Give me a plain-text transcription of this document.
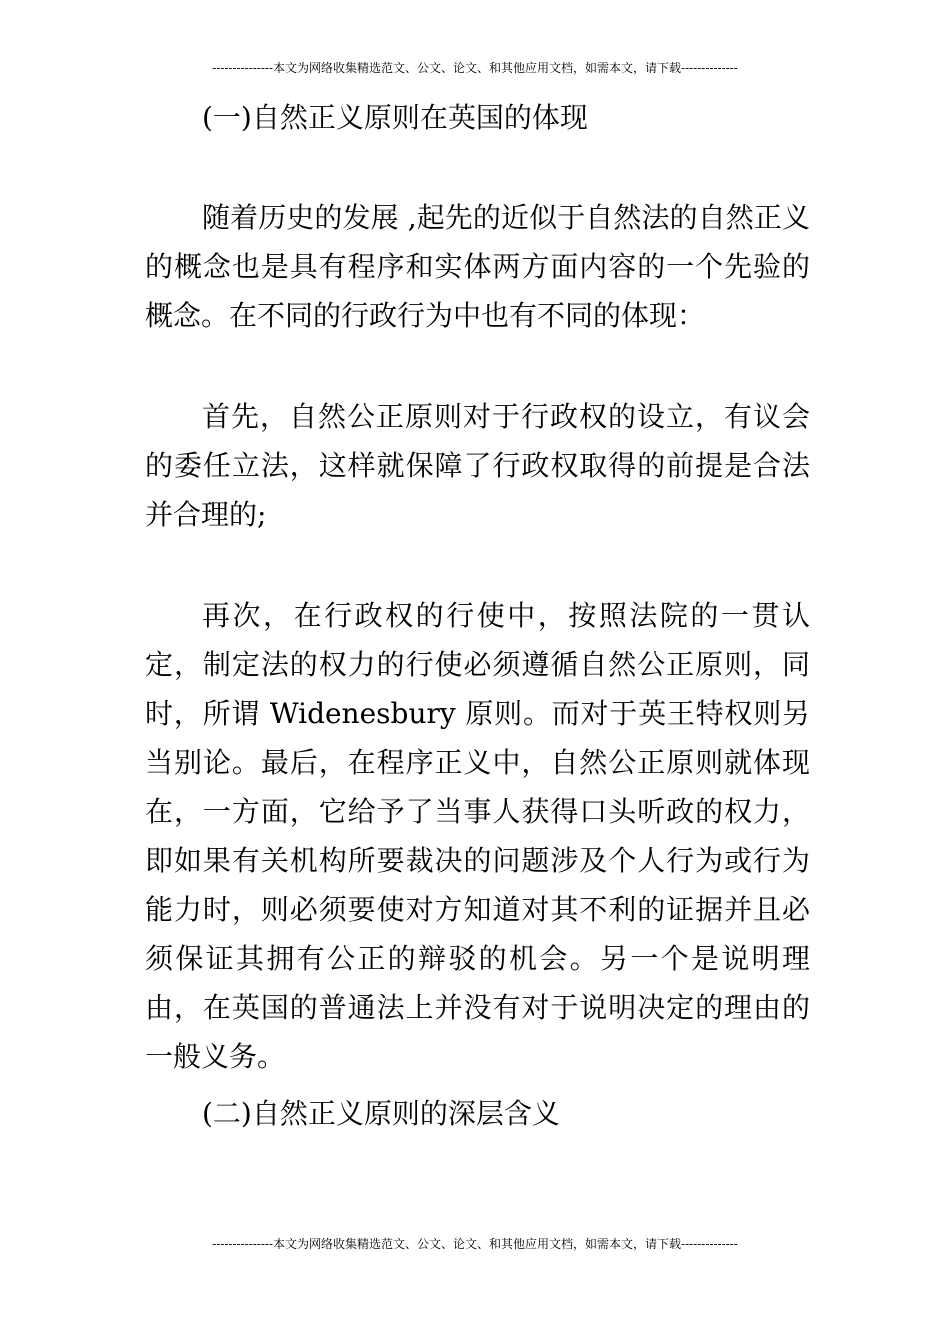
---------------本文为网络收集精选范文、公文、论文、和其他应用文档，如需本文，请下载--------------
(一)自然正义原则在英国的体现

随着历史的发展 ,起先的近似于自然法的自然正义的概念也是具有程序和实体两方面内容的一个先验的概念。在不同的行政行为中也有不同的体现：

首先，自然公正原则对于行政权的设立，有议会的委任立法，这样就保障了行政权取得的前提是合法并合理的;

再次，在行政权的行使中，按照法院的一贯认定，制定法的权力的行使必须遵循自然公正原则，同时，所谓 Widenesbury 原则。而对于英王特权则另当别论。最后，在程序正义中，自然公正原则就体现在，一方面，它给予了当事人获得口头听政的权力，即如果有关机构所要裁决的问题涉及个人行为或行为能力时，则必须要使对方知道对其不利的证据并且必须保证其拥有公正的辩驳的机会。另一个是说明理由，在英国的普通法上并没有对于说明决定的理由的一般义务。

(二)自然正义原则的深层含义
---------------本文为网络收集精选范文、公文、论文、和其他应用文档，如需本文，请下载--------------
